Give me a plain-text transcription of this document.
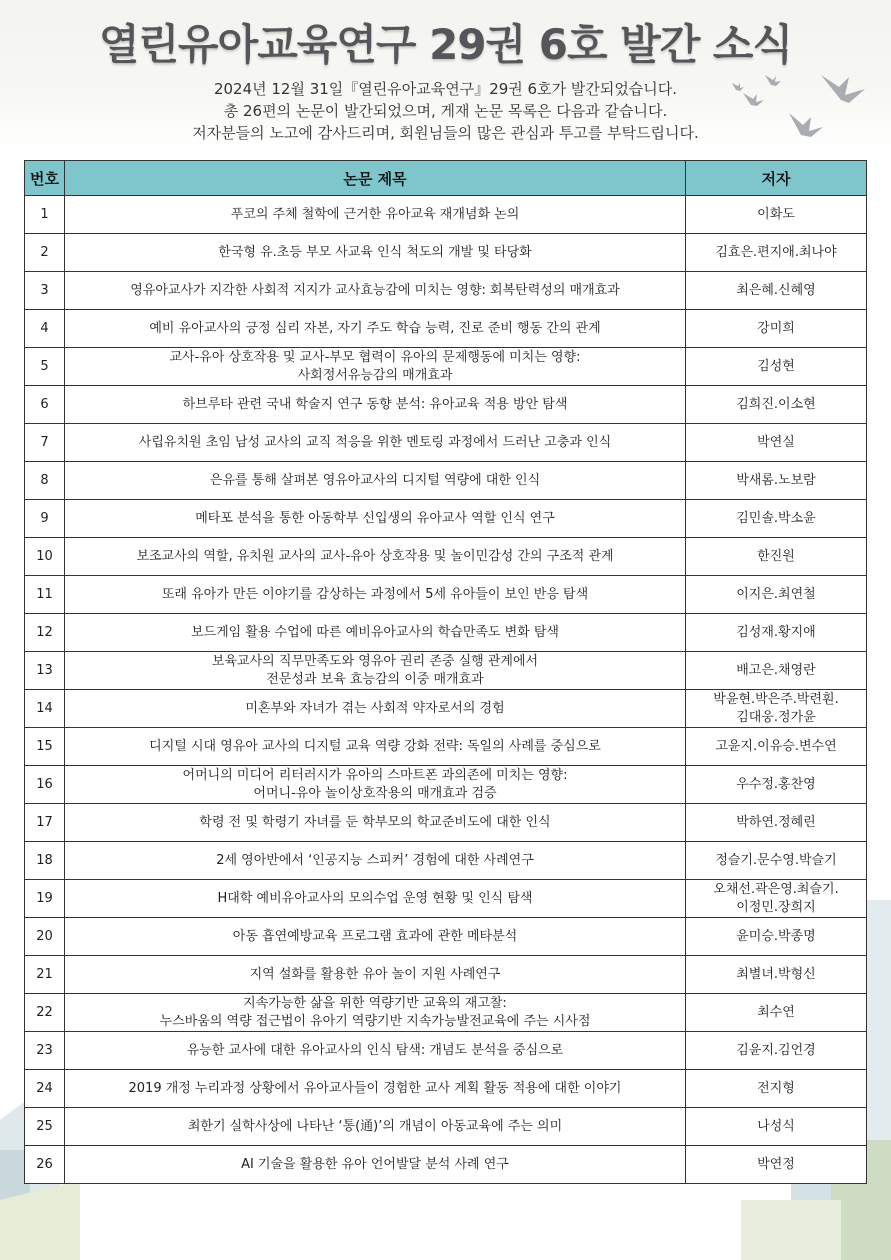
열린유아교육연구 29권 6호 발간 소식
2024년 12월 31일『열린유아교육연구』29권 6호가 발간되었습니다.
총 26편의 논문이 발간되었으며, 게재 논문 목록은 다음과 같습니다.
저자분들의 노고에 감사드리며, 회원님들의 많은 관심과 투고를 부탁드립니다.
번호	논문 제목	저자
1	푸코의 주체 철학에 근거한 유아교육 재개념화 논의	이화도

2	한국형 유.초등 부모 사교육 인식 척도의 개발 및 타당화	김효은.편지애.최나야

3	영유아교사가 지각한 사회적 지지가 교사효능감에 미치는 영향: 회복탄력성의 매개효과	최은혜.신혜영

4	예비 유아교사의 긍정 심리 자본, 자기 주도 학습 능력, 진로 준비 행동 간의 관계	강미희

5	교사-유아 상호작용 및 교사-부모 협력이 유아의 문제행동에 미치는 영향:
사회정서유능감의 매개효과	김성현

6	하브루타 관련 국내 학술지 연구 동향 분석: 유아교육 적용 방안 탐색	김희진.이소현

7	사립유치원 초임 남성 교사의 교직 적응을 위한 멘토링 과정에서 드러난 고충과 인식	박연실

8	은유를 통해 살펴본 영유아교사의 디지털 역량에 대한 인식	박새롬.노보람

9	메타포 분석을 통한 아동학부 신입생의 유아교사 역할 인식 연구	김민솔.박소윤

10	보조교사의 역할, 유치원 교사의 교사-유아 상호작용 및 놀이민감성 간의 구조적 관계	한진원

11	또래 유아가 만든 이야기를 감상하는 과정에서 5세 유아들이 보인 반응 탐색	이지은.최연철

12	보드게임 활용 수업에 따른 예비유아교사의 학습만족도 변화 탐색	김성재.황지애

13	보육교사의 직무만족도와 영유아 권리 존중 실행 관계에서
전문성과 보육 효능감의 이중 매개효과	배고은.채영란

14	미혼부와 자녀가 겪는 사회적 약자로서의 경험	박윤현.박은주.박련훤.
김대웅.정가윤

15	디지털 시대 영유아 교사의 디지털 교육 역량 강화 전략: 독일의 사례를 중심으로	고윤지.이유승.변수연

16	어머니의 미디어 리터러시가 유아의 스마트폰 과의존에 미치는 영향:
어머니-유아 놀이상호작용의 매개효과 검증	우수정.홍찬영

17	학령 전 및 학령기 자녀를 둔 학부모의 학교준비도에 대한 인식	박하연.정혜린

18	2세 영아반에서 ‘인공지능 스피커’ 경험에 대한 사례연구	정슬기.문수영.박슬기

19	H대학 예비유아교사의 모의수업 운영 현황 및 인식 탐색	오채선.곽은영.최슬기.
이정민.장희지

20	아동 흡연예방교육 프로그램 효과에 관한 메타분석	윤미승.박종명

21	지역 설화를 활용한 유아 놀이 지원 사례연구	최별녀.박형신

22	지속가능한 삶을 위한 역량기반 교육의 재고찰:
누스바움의 역량 접근법이 유아기 역량기반 지속가능발전교육에 주는 시사점	최수연

23	유능한 교사에 대한 유아교사의 인식 탐색: 개념도 분석을 중심으로	김윤지.김언경

24	2019 개정 누리과정 상황에서 유아교사들이 경험한 교사 계획 활동 적용에 대한 이야기	전지형

25	최한기 실학사상에 나타난 ‘통(通)’의 개념이 아동교육에 주는 의미	나성식

26	AI 기술을 활용한 유아 언어발달 분석 사례 연구	박연정
